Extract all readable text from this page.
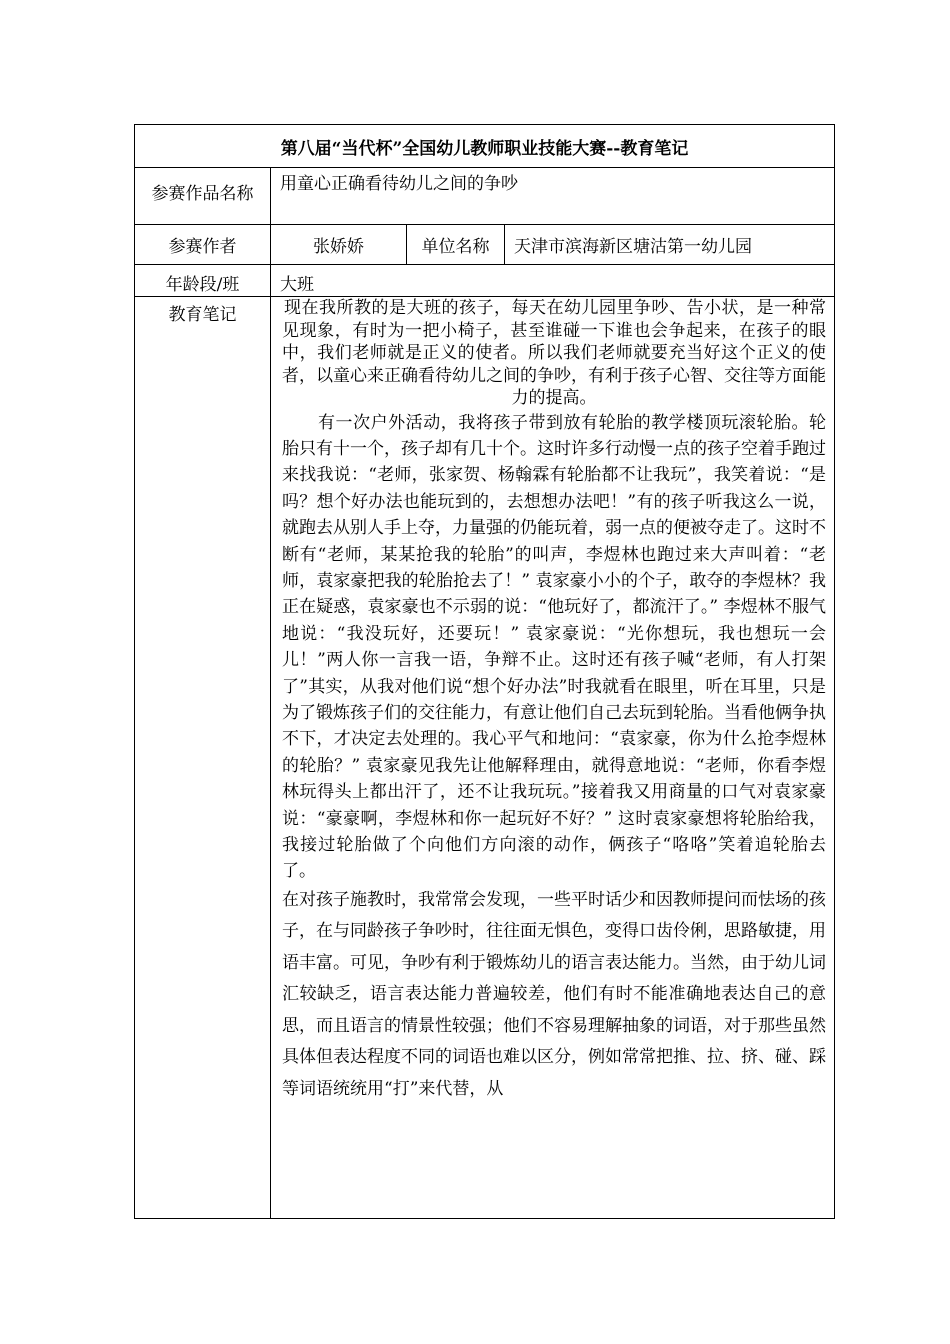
第八届“当代杯”全国幼儿教师职业技能大赛--教育笔记			
参赛作品名称	用童心正确看待幼儿之间的争吵		
参赛作者	张娇娇	单位名称	天津市滨海新区塘沽第一幼儿园
年龄段/班	大班		
教育笔记	现在我所教的是大班的孩子，每天在幼儿园里争吵、告小状，是一种常见现象，有时为一把小椅子，甚至谁碰一下谁也会争起来，在孩子的眼中，我们老师就是正义的使者。所以我们老师就要充当好这个正义的使者，以童心来正确看待幼儿之间的争吵，有利于孩子心智、交往等方面能力的提高。

有一次户外活动，我将孩子带到放有轮胎的教学楼顶玩滚轮胎。轮胎只有十一个，孩子却有几十个。这时许多行动慢一点的孩子空着手跑过来找我说：“老师，张家贺、杨翰霖有轮胎都不让我玩”，我笑着说：“是吗？想个好办法也能玩到的，去想想办法吧！”有的孩子听我这么一说，就跑去从别人手上夺，力量强的仍能玩着，弱一点的便被夺走了。这时不断有“老师，某某抢我的轮胎”的叫声，李煜林也跑过来大声叫着：“老师，袁家豪把我的轮胎抢去了！” 袁家豪小小的个子，敢夺的李煜林？我正在疑惑，袁家豪也不示弱的说：“他玩好了，都流汗了。” 李煜林不服气地说：“我没玩好，还要玩！” 袁家豪说：“光你想玩，我也想玩一会儿！”两人你一言我一语，争辩不止。这时还有孩子喊“老师，有人打架了”其实，从我对他们说“想个好办法”时我就看在眼里，听在耳里，只是为了锻炼孩子们的交往能力，有意让他们自己去玩到轮胎。当看他俩争执不下，才决定去处理的。我心平气和地问：“袁家豪，你为什么抢李煜林的轮胎？” 袁家豪见我先让他解释理由，就得意地说：“老师，你看李煜林玩得头上都出汗了，还不让我玩玩。”接着我又用商量的口气对袁家豪说：“豪豪啊，李煜林和你一起玩好不好？” 这时袁家豪想将轮胎给我，我接过轮胎做了个向他们方向滚的动作，俩孩子“咯咯”笑着追轮胎去了。

在对孩子施教时，我常常会发现，一些平时话少和因教师提问而怯场的孩子，在与同龄孩子争吵时，往往面无惧色，变得口齿伶俐，思路敏捷，用语丰富。可见，争吵有利于锻炼幼儿的语言表达能力。当然，由于幼儿词汇较缺乏，语言表达能力普遍较差，他们有时不能准确地表达自己的意思，而且语言的情景性较强；他们不容易理解抽象的词语，对于那些虽然具体但表达程度不同的词语也难以区分，例如常常把推、拉、挤、碰、踩等词语统统用“打”来代替，从		
